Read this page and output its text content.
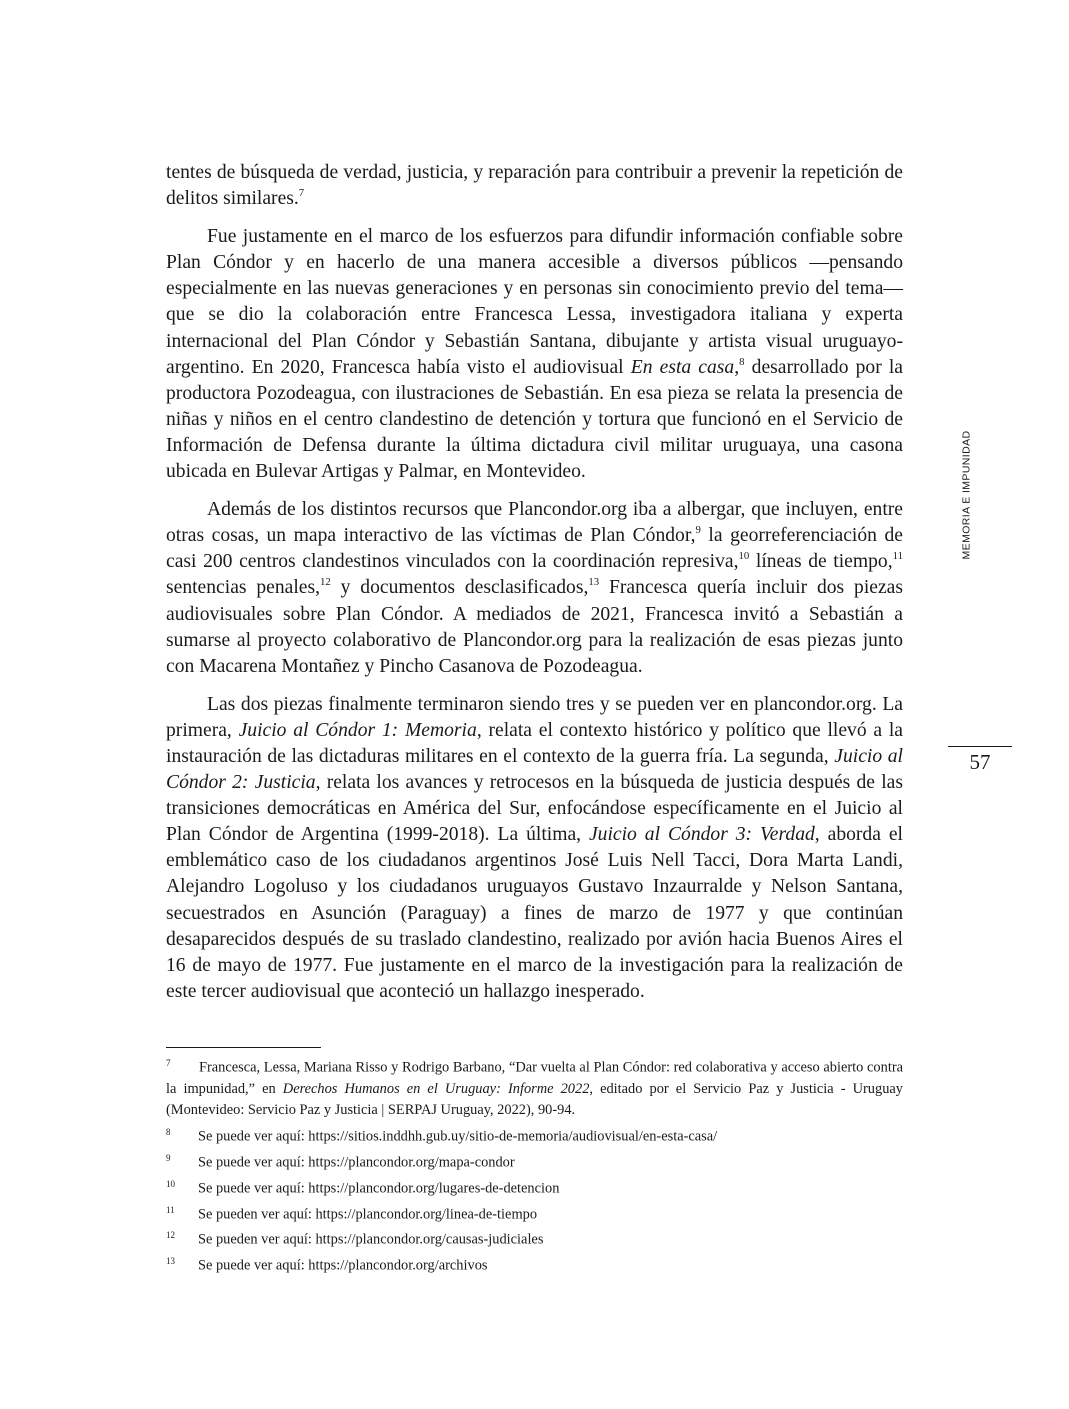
tentes de búsqueda de verdad, justicia, y reparación para contribuir a prevenir la repetición de delitos similares.$^7$

Fue justamente en el marco de los esfuerzos para difundir información confiable sobre Plan Cóndor y en hacerlo de una manera accesible a diversos públicos —pensando especialmente en las nuevas generaciones y en personas sin conocimiento previo del tema— que se dio la colaboración entre Francesca Lessa, investigadora italiana y experta internacional del Plan Cóndor y Sebastián Santana, dibujante y artista visual uruguayo-argentino. En 2020, Francesca había visto el audiovisual En esta casa,$^8$ desarrollado por la productora Pozodeagua, con ilustraciones de Sebastián. En esa pieza se relata la presencia de niñas y niños en el centro clandestino de detención y tortura que funcionó en el Servicio de Información de Defensa durante la última dictadura civil militar uruguaya, una casona ubicada en Bulevar Artigas y Palmar, en Montevideo.

Además de los distintos recursos que Plancondor.org iba a albergar, que incluyen, entre otras cosas, un mapa interactivo de las víctimas de Plan Cóndor,$^9$ la georreferenciación de casi 200 centros clandestinos vinculados con la coordinación represiva,$^{10}$ líneas de tiempo,$^{11}$ sentencias penales,$^{12}$ y documentos desclasificados,$^{13}$ Francesca quería incluir dos piezas audiovisuales sobre Plan Cóndor. A mediados de 2021, Francesca invitó a Sebastián a sumarse al proyecto colaborativo de Plancondor.org para la realización de esas piezas junto con Macarena Montañez y Pincho Casanova de Pozodeagua.

Las dos piezas finalmente terminaron siendo tres y se pueden ver en plancondor.org. La primera, Juicio al Cóndor 1: Memoria, relata el contexto histórico y político que llevó a la instauración de las dictaduras militares en el contexto de la guerra fría. La segunda, Juicio al Cóndor 2: Justicia, relata los avances y retrocesos en la búsqueda de justicia después de las transiciones democráticas en América del Sur, enfocándose específicamente en el Juicio al Plan Cóndor de Argentina (1999-2018). La última, Juicio al Cóndor 3: Verdad, aborda el emblemático caso de los ciudadanos argentinos José Luis Nell Tacci, Dora Marta Landi, Alejandro Logoluso y los ciudadanos uruguayos Gustavo Inzaurralde y Nelson Santana, secuestrados en Asunción (Paraguay) a fines de marzo de 1977 y que continúan desaparecidos después de su traslado clandestino, realizado por avión hacia Buenos Aires el 16 de mayo de 1977. Fue justamente en el marco de la investigación para la realización de este tercer audiovisual que aconteció un hallazgo inesperado.

MEMORIA E IMPUNIDAD
57

7 Francesca, Lessa, Mariana Risso y Rodrigo Barbano, “Dar vuelta al Plan Cóndor: red colaborativa y acceso abierto contra la impunidad,” en Derechos Humanos en el Uruguay: Informe 2022, editado por el Servicio Paz y Justicia - Uruguay (Montevideo: Servicio Paz y Justicia | SERPAJ Uruguay, 2022), 90-94.

8 Se puede ver aquí: https://sitios.inddhh.gub.uy/sitio-de-memoria/audiovisual/en-esta-casa/

9 Se puede ver aquí: https://plancondor.org/mapa-condor

10 Se puede ver aquí: https://plancondor.org/lugares-de-detencion

11 Se pueden ver aquí: https://plancondor.org/linea-de-tiempo

12 Se pueden ver aquí: https://plancondor.org/causas-judiciales

13 Se puede ver aquí: https://plancondor.org/archivos
